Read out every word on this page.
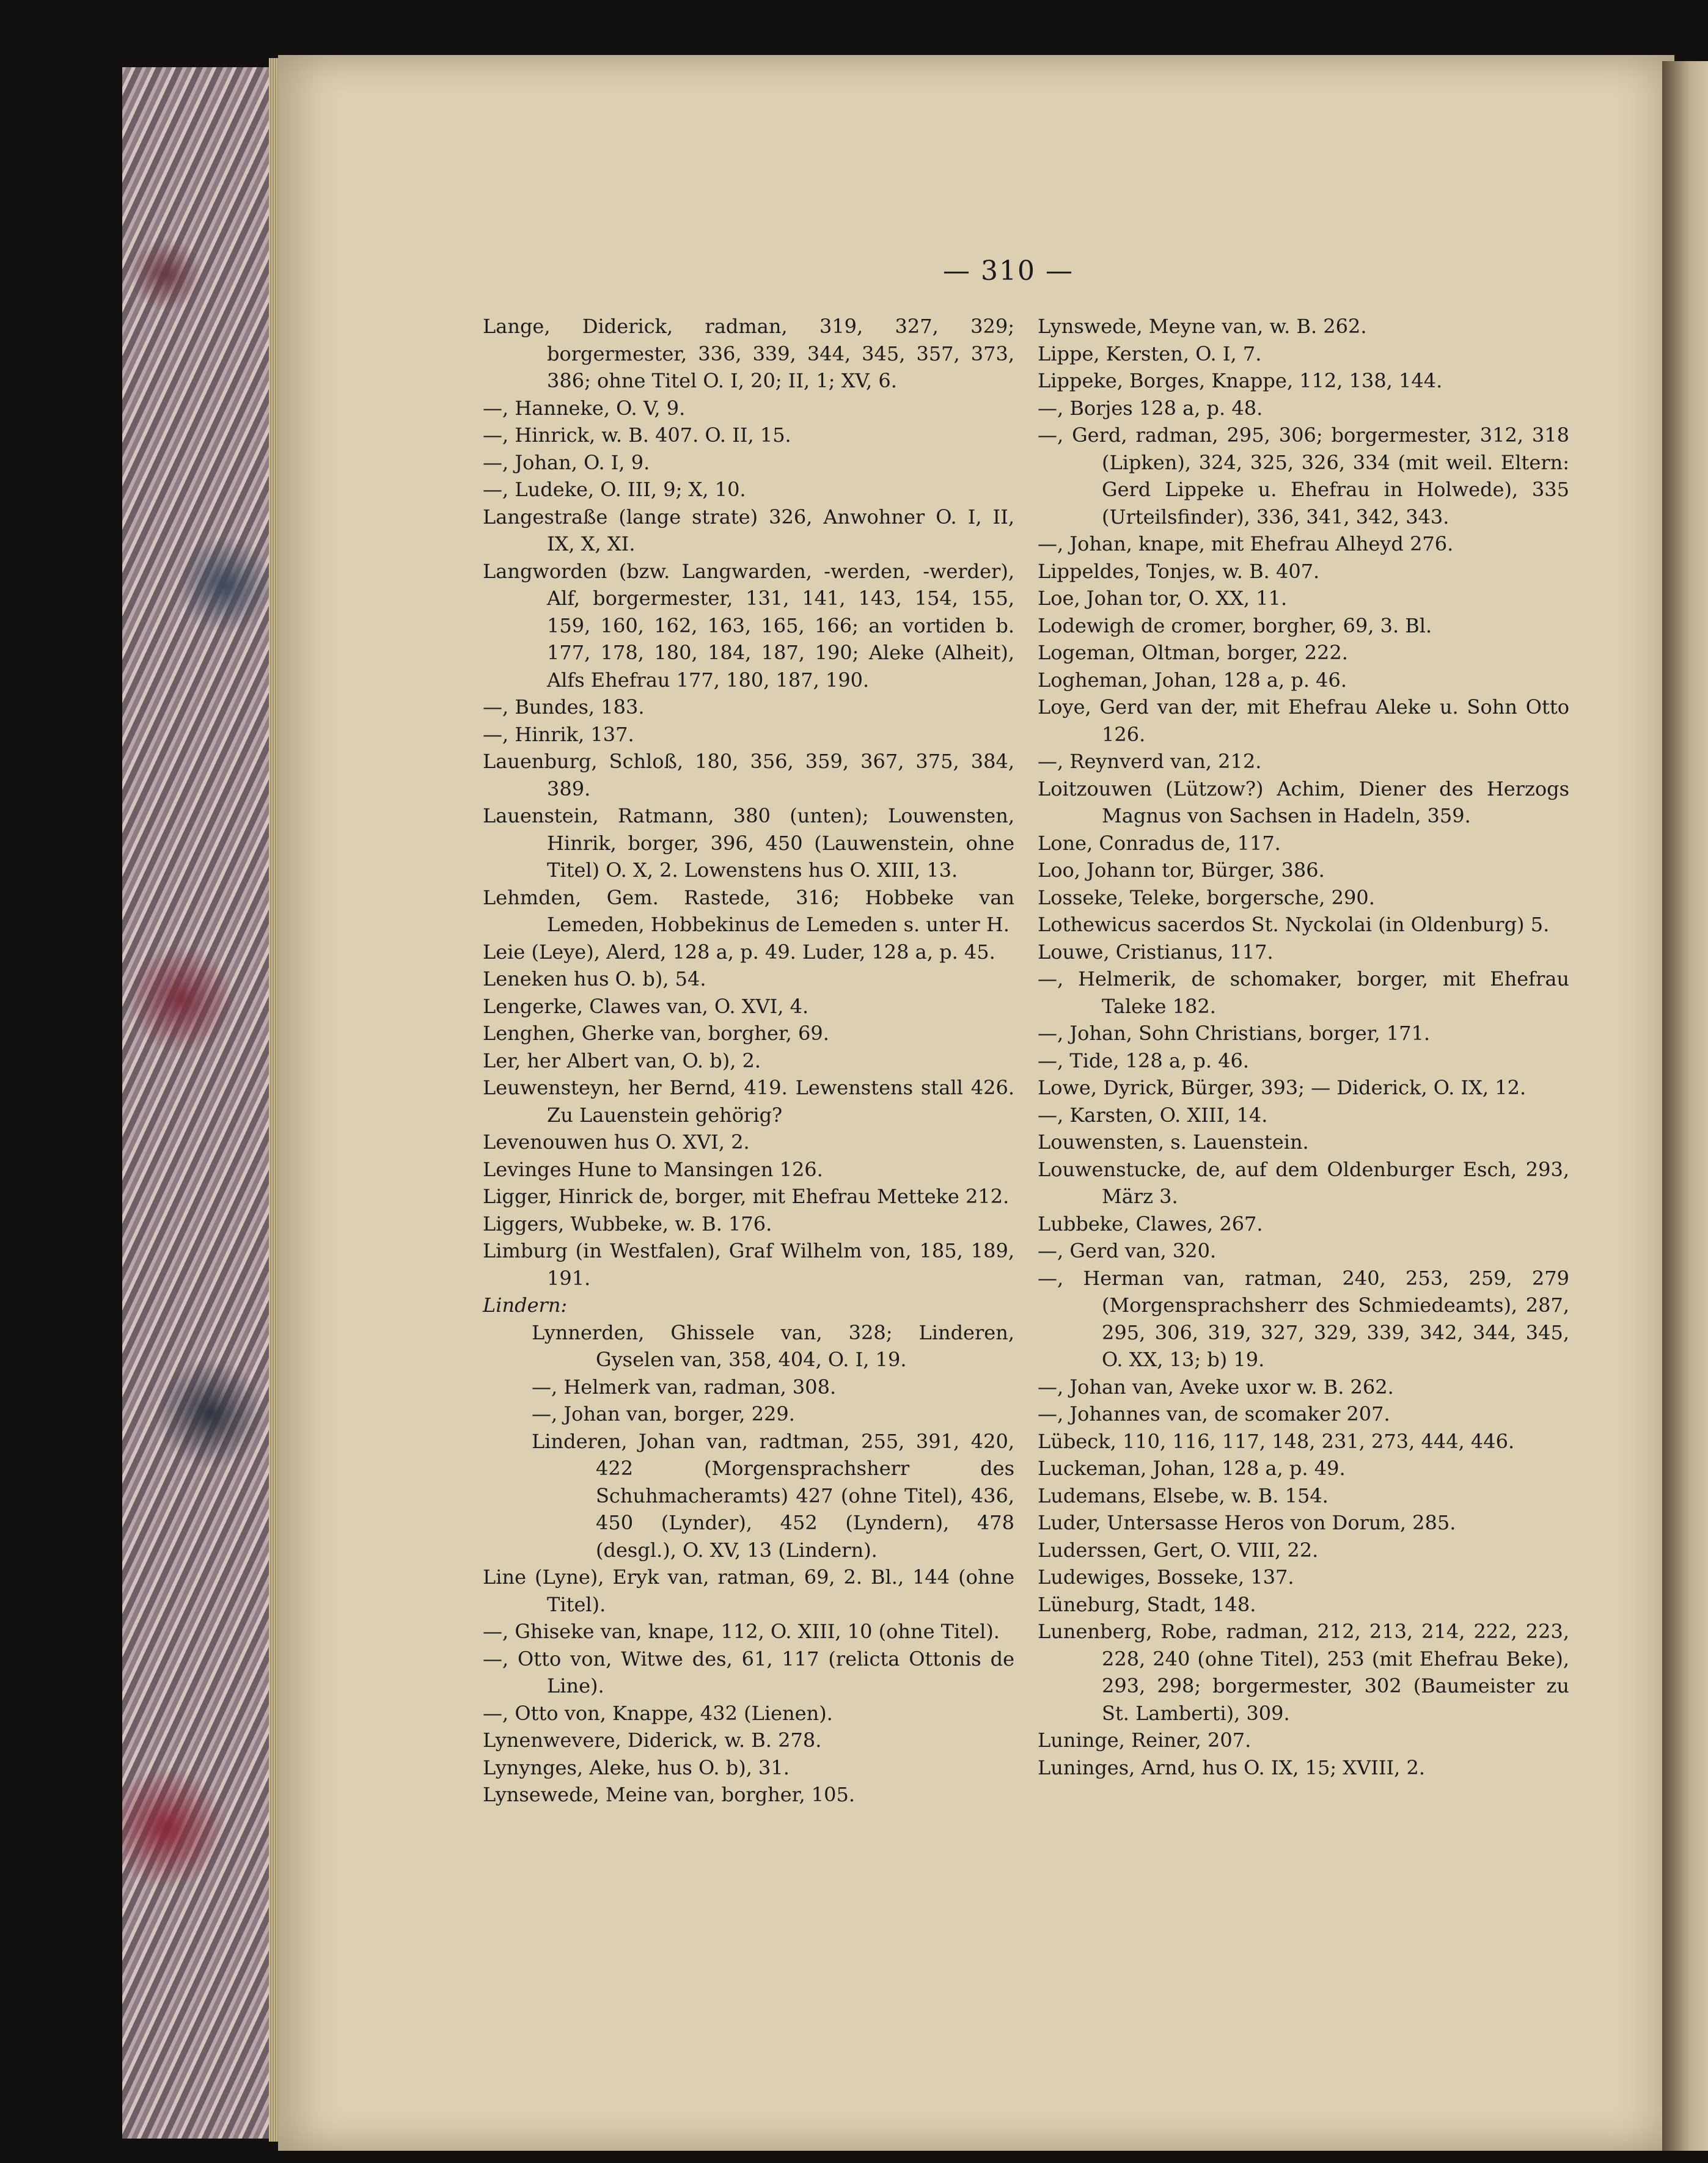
— 310 —

Lange, Diderick, radman, 319, 327, 329; borgermester, 336, 339, 344, 345, 357, 373, 386; ohne Titel O. I, 20; II, 1; XV, 6.

—, Hanneke, O. V, 9.

—, Hinrick, w. B. 407. O. II, 15.

—, Johan, O. I, 9.

—, Ludeke, O. III, 9; X, 10.

Langestraße (lange strate) 326, Anwohner O. I, II, IX, X, XI.

Langworden (bzw. Langwarden, -werden, -werder), Alf, borgermester, 131, 141, 143, 154, 155, 159, 160, 162, 163, 165, 166; an vortiden b. 177, 178, 180, 184, 187, 190; Aleke (Alheit), Alfs Ehefrau 177, 180, 187, 190.

—, Bundes, 183.

—, Hinrik, 137.

Lauenburg, Schloß, 180, 356, 359, 367, 375, 384, 389.

Lauenstein, Ratmann, 380 (unten); Louwensten, Hinrik, borger, 396, 450 (Lauwenstein, ohne Titel) O. X, 2. Lowenstens hus O. XIII, 13.

Lehmden, Gem. Rastede, 316; Hobbeke van Lemeden, Hobbekinus de Lemeden s. unter H.

Leie (Leye), Alerd, 128 a, p. 49. Luder, 128 a, p. 45.

Leneken hus O. b), 54.

Lengerke, Clawes van, O. XVI, 4.

Lenghen, Gherke van, borgher, 69.

Ler, her Albert van, O. b), 2.

Leuwensteyn, her Bernd, 419. Lewenstens stall 426. Zu Lauenstein gehörig?

Levenouwen hus O. XVI, 2.

Levinges Hune to Mansingen 126.

Ligger, Hinrick de, borger, mit Ehefrau Metteke 212.

Liggers, Wubbeke, w. B. 176.

Limburg (in Westfalen), Graf Wilhelm von, 185, 189, 191.

Lindern:

Lynnerden, Ghissele van, 328; Linderen, Gyselen van, 358, 404, O. I, 19.

—, Helmerk van, radman, 308.

—, Johan van, borger, 229.

Linderen, Johan van, radtman, 255, 391, 420, 422 (Morgensprachsherr des Schuhmacheramts) 427 (ohne Titel), 436, 450 (Lynder), 452 (Lyndern), 478 (desgl.), O. XV, 13 (Lindern).

Line (Lyne), Eryk van, ratman, 69, 2. Bl., 144 (ohne Titel).

—, Ghiseke van, knape, 112, O. XIII, 10 (ohne Titel).

—, Otto von, Witwe des, 61, 117 (relicta Ottonis de Line).

—, Otto von, Knappe, 432 (Lienen).

Lynenwevere, Diderick, w. B. 278.

Lynynges, Aleke, hus O. b), 31.

Lynsewede, Meine van, borgher, 105.

Lynswede, Meyne van, w. B. 262.

Lippe, Kersten, O. I, 7.

Lippeke, Borges, Knappe, 112, 138, 144.

—, Borjes 128 a, p. 48.

—, Gerd, radman, 295, 306; borgermester, 312, 318 (Lipken), 324, 325, 326, 334 (mit weil. Eltern: Gerd Lippeke u. Ehefrau in Holwede), 335 (Urteilsfinder), 336, 341, 342, 343.

—, Johan, knape, mit Ehefrau Alheyd 276.

Lippeldes, Tonjes, w. B. 407.

Loe, Johan tor, O. XX, 11.

Lodewigh de cromer, borgher, 69, 3. Bl.

Logeman, Oltman, borger, 222.

Logheman, Johan, 128 a, p. 46.

Loye, Gerd van der, mit Ehefrau Aleke u. Sohn Otto 126.

—, Reynverd van, 212.

Loitzouwen (Lützow?) Achim, Diener des Herzogs Magnus von Sachsen in Hadeln, 359.

Lone, Conradus de, 117.

Loo, Johann tor, Bürger, 386.

Losseke, Teleke, borgersche, 290.

Lothewicus sacerdos St. Nyckolai (in Oldenburg) 5.

Louwe, Cristianus, 117.

—, Helmerik, de schomaker, borger, mit Ehefrau Taleke 182.

—, Johan, Sohn Christians, borger, 171.

—, Tide, 128 a, p. 46.

Lowe, Dyrick, Bürger, 393; — Diderick, O. IX, 12.

—, Karsten, O. XIII, 14.

Louwensten, s. Lauenstein.

Louwenstucke, de, auf dem Oldenburger Esch, 293, März 3.

Lubbeke, Clawes, 267.

—, Gerd van, 320.

—, Herman van, ratman, 240, 253, 259, 279 (Morgensprachsherr des Schmiedeamts), 287, 295, 306, 319, 327, 329, 339, 342, 344, 345, O. XX, 13; b) 19.

—, Johan van, Aveke uxor w. B. 262.

—, Johannes van, de scomaker 207.

Lübeck, 110, 116, 117, 148, 231, 273, 444, 446.

Luckeman, Johan, 128 a, p. 49.

Ludemans, Elsebe, w. B. 154.

Luder, Untersasse Heros von Dorum, 285.

Luderssen, Gert, O. VIII, 22.

Ludewiges, Bosseke, 137.

Lüneburg, Stadt, 148.

Lunenberg, Robe, radman, 212, 213, 214, 222, 223, 228, 240 (ohne Titel), 253 (mit Ehefrau Beke), 293, 298; borgermester, 302 (Baumeister zu St. Lamberti), 309.

Luninge, Reiner, 207.

Luninges, Arnd, hus O. IX, 15; XVIII, 2.
